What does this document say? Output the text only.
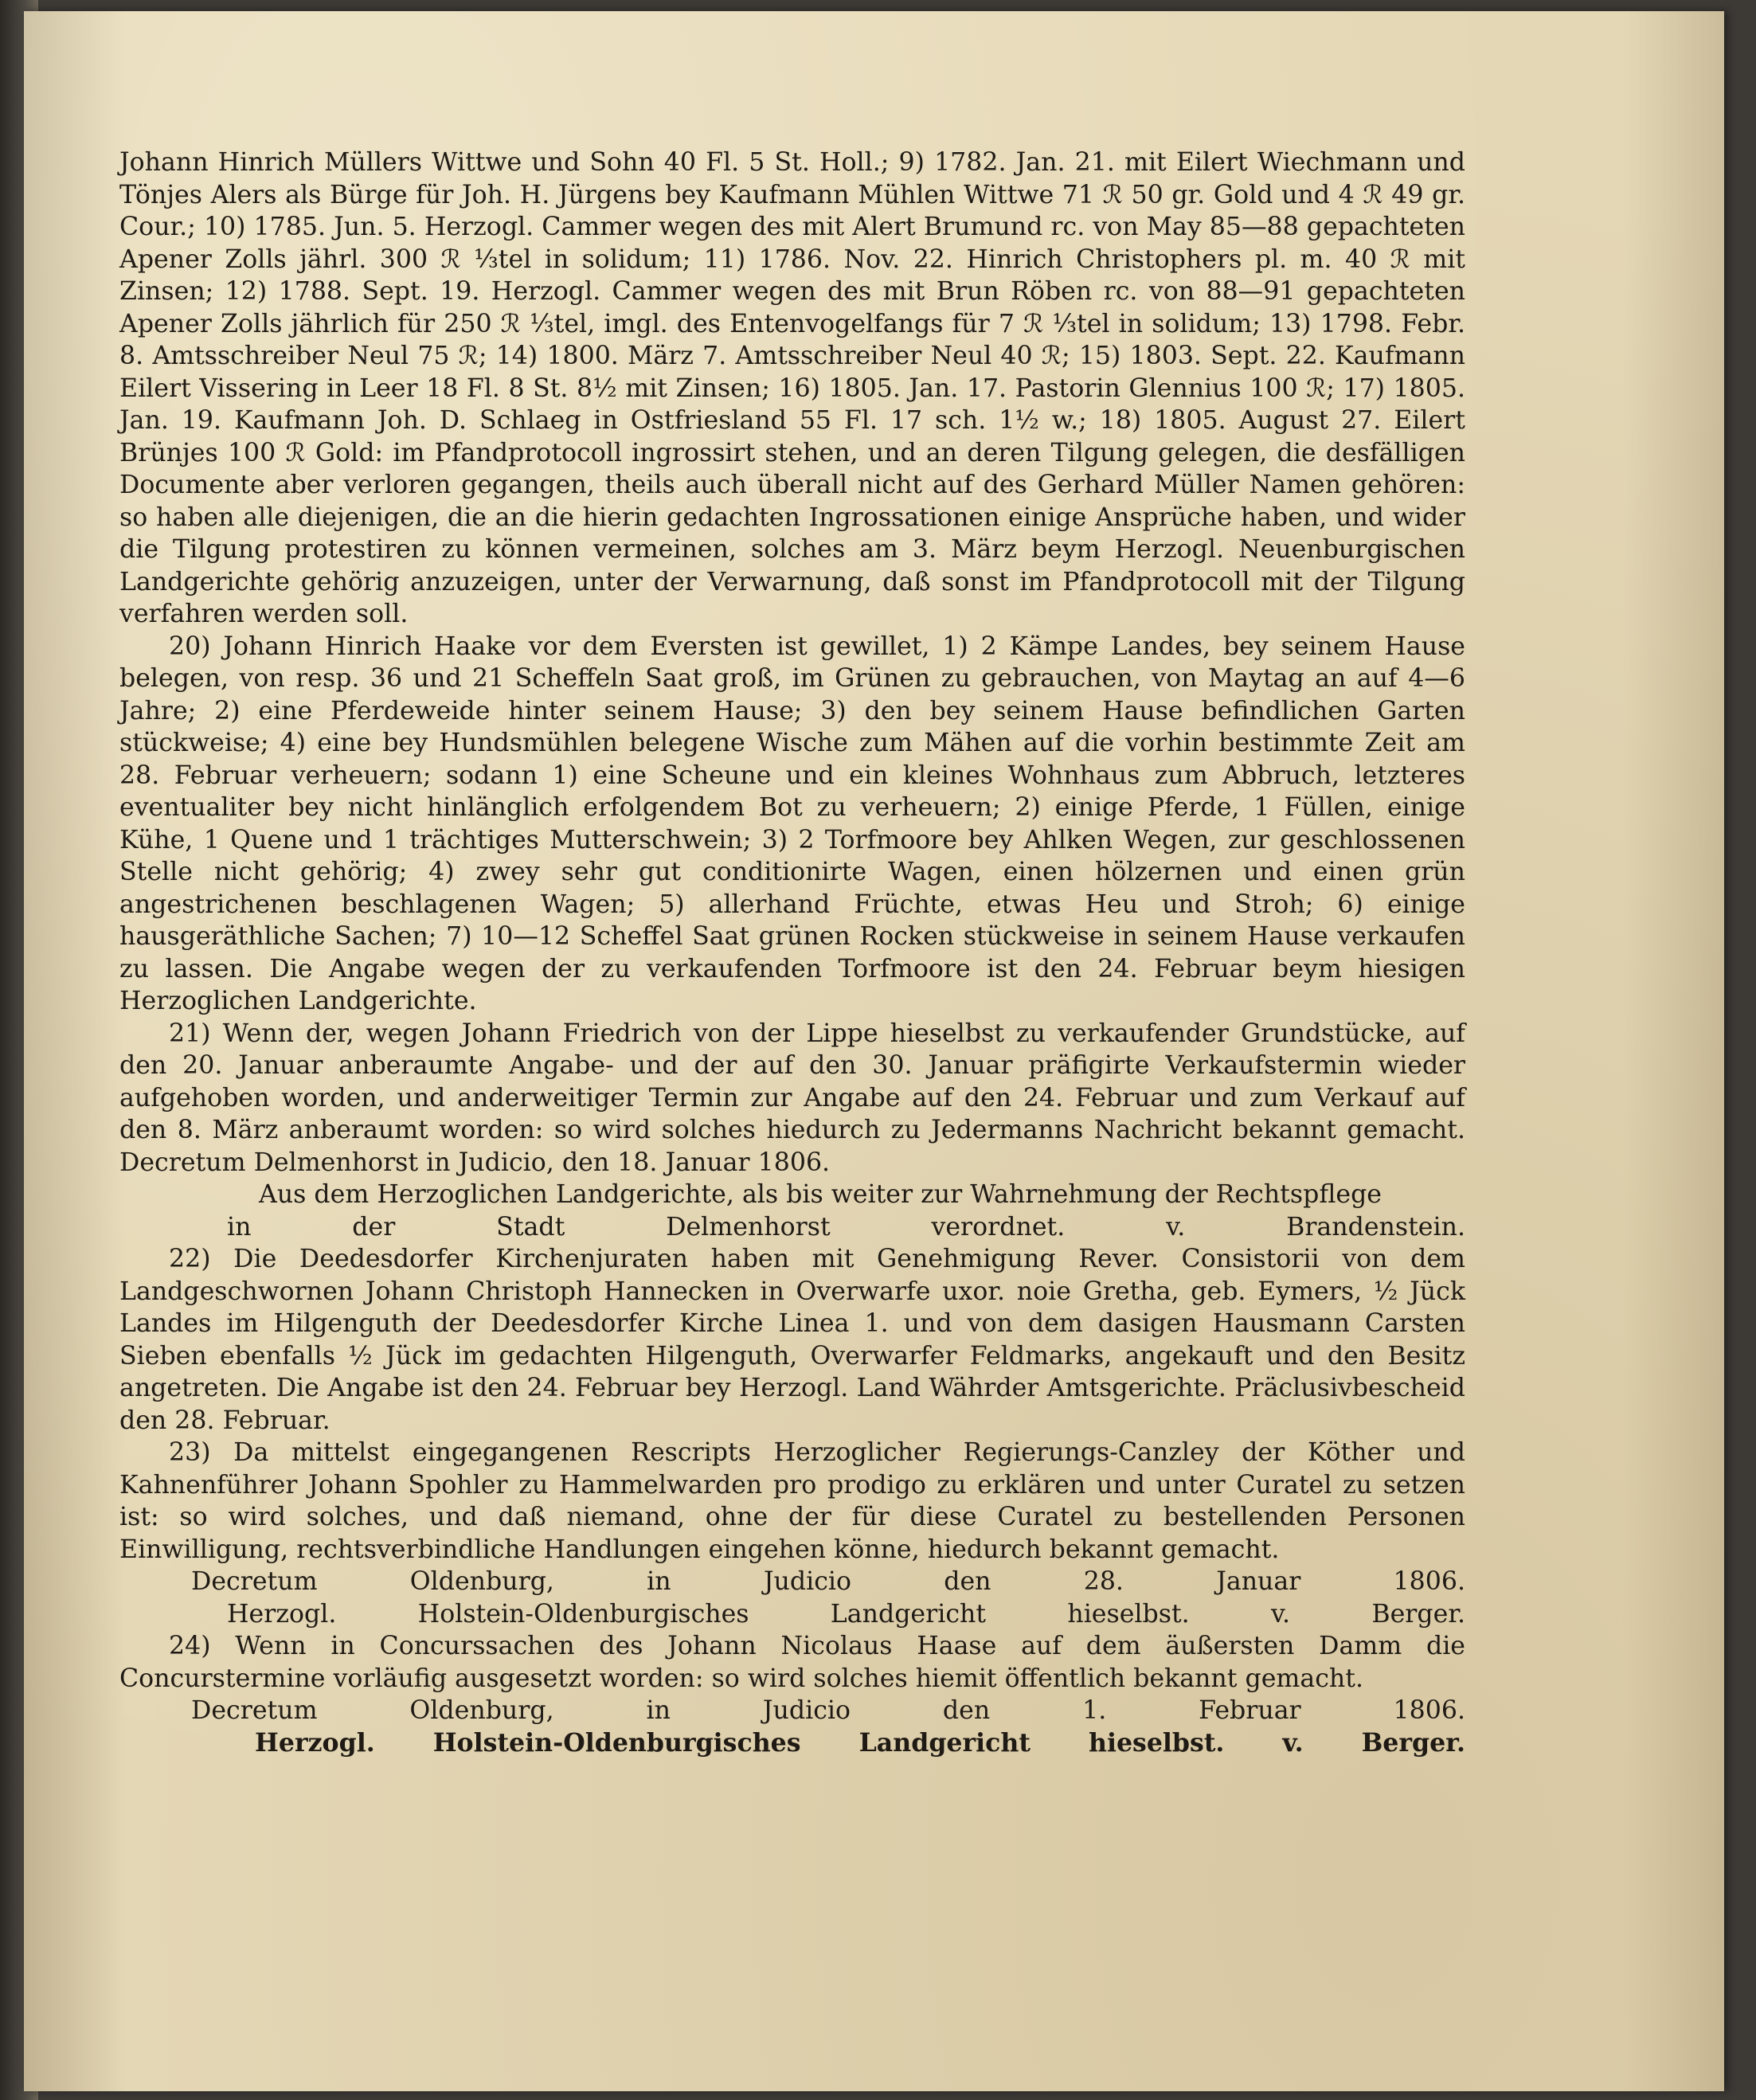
Johann Hinrich Müllers Wittwe und Sohn 40 Fl. 5 St. Holl.; 9) 1782. Jan. 21. mit Eilert Wiechmann und Tönjes Alers als Bürge für Joh. H. Jürgens bey Kaufmann Mühlen Wittwe 71 ℛ 50 gr. Gold und 4 ℛ 49 gr. Cour.; 10) 1785. Jun. 5. Herzogl. Cammer wegen des mit Alert Brumund rc. von May 85—88 gepachteten Apener Zolls jährl. 300 ℛ ⅓tel in solidum; 11) 1786. Nov. 22. Hinrich Christophers pl. m. 40 ℛ mit Zinsen; 12) 1788. Sept. 19. Herzogl. Cammer wegen des mit Brun Röben rc. von 88—91 gepachteten Apener Zolls jährlich für 250 ℛ ⅓tel, imgl. des Entenvogelfangs für 7 ℛ ⅓tel in solidum; 13) 1798. Febr. 8. Amtsschreiber Neul 75 ℛ; 14) 1800. März 7. Amtsschreiber Neul 40 ℛ; 15) 1803. Sept. 22. Kaufmann Eilert Vissering in Leer 18 Fl. 8 St. 8½ mit Zinsen; 16) 1805. Jan. 17. Pastorin Glennius 100 ℛ; 17) 1805. Jan. 19. Kaufmann Joh. D. Schlaeg in Ostfriesland 55 Fl. 17 sch. 1½ w.; 18) 1805. August 27. Eilert Brünjes 100 ℛ Gold: im Pfandprotocoll ingrossirt stehen, und an deren Tilgung gelegen, die desfälligen Documente aber verloren gegangen, theils auch überall nicht auf des Gerhard Müller Namen gehören: so haben alle diejenigen, die an die hierin gedachten Ingrossationen einige Ansprüche haben, und wider die Tilgung protestiren zu können vermeinen, solches am 3. März beym Herzogl. Neuenburgischen Landgerichte gehörig anzuzeigen, unter der Verwarnung, daß sonst im Pfandprotocoll mit der Tilgung verfahren werden soll.

20) Johann Hinrich Haake vor dem Eversten ist gewillet, 1) 2 Kämpe Landes, bey seinem Hause belegen, von resp. 36 und 21 Scheffeln Saat groß, im Grünen zu gebrauchen, von Maytag an auf 4—6 Jahre; 2) eine Pferdeweide hinter seinem Hause; 3) den bey seinem Hause befindlichen Garten stückweise; 4) eine bey Hundsmühlen belegene Wische zum Mähen auf die vorhin bestimmte Zeit am 28. Februar verheuern; sodann 1) eine Scheune und ein kleines Wohnhaus zum Abbruch, letzteres eventualiter bey nicht hinlänglich erfolgendem Bot zu verheuern; 2) einige Pferde, 1 Füllen, einige Kühe, 1 Quene und 1 trächtiges Mutterschwein; 3) 2 Torfmoore bey Ahlken Wegen, zur geschlossenen Stelle nicht gehörig; 4) zwey sehr gut conditionirte Wagen, einen hölzernen und einen grün angestrichenen beschlagenen Wagen; 5) allerhand Früchte, etwas Heu und Stroh; 6) einige hausgeräthliche Sachen; 7) 10—12 Scheffel Saat grünen Rocken stückweise in seinem Hause verkaufen zu lassen. Die Angabe wegen der zu verkaufenden Torfmoore ist den 24. Februar beym hiesigen Herzoglichen Landgerichte.

21) Wenn der, wegen Johann Friedrich von der Lippe hieselbst zu verkaufender Grundstücke, auf den 20. Januar anberaumte Angabe- und der auf den 30. Januar präfigirte Verkaufstermin wieder aufgehoben worden, und anderweitiger Termin zur Angabe auf den 24. Februar und zum Verkauf auf den 8. März anberaumt worden: so wird solches hiedurch zu Jedermanns Nachricht bekannt gemacht. Decretum Delmenhorst in Judicio, den 18. Januar 1806.

Aus dem Herzoglichen Landgerichte, als bis weiter zur Wahrnehmung der Rechtspflege

in der Stadt Delmenhorst verordnet. v. Brandenstein.

22) Die Deedesdorfer Kirchenjuraten haben mit Genehmigung Rever. Consistorii von dem Landgeschwornen Johann Christoph Hannecken in Overwarfe uxor. noie Gretha, geb. Eymers, ½ Jück Landes im Hilgenguth der Deedesdorfer Kirche Linea 1. und von dem dasigen Hausmann Carsten Sieben ebenfalls ½ Jück im gedachten Hilgenguth, Overwarfer Feldmarks, angekauft und den Besitz angetreten. Die Angabe ist den 24. Februar bey Herzogl. Land Währder Amtsgerichte. Präclusivbescheid den 28. Februar.

23) Da mittelst eingegangenen Rescripts Herzoglicher Regierungs-Canzley der Köther und Kahnenführer Johann Spohler zu Hammelwarden pro prodigo zu erklären und unter Curatel zu setzen ist: so wird solches, und daß niemand, ohne der für diese Curatel zu bestellenden Personen Einwilligung, rechtsverbindliche Handlungen eingehen könne, hiedurch bekannt gemacht.

Decretum Oldenburg, in Judicio den 28. Januar 1806.

Herzogl. Holstein-Oldenburgisches Landgericht hieselbst. v. Berger.

24) Wenn in Concurssachen des Johann Nicolaus Haase auf dem äußersten Damm die Concurstermine vorläufig ausgesetzt worden: so wird solches hiemit öffentlich bekannt gemacht.

Decretum Oldenburg, in Judicio den 1. Februar 1806.

Herzogl. Holstein-Oldenburgisches Landgericht hieselbst. v. Berger.
